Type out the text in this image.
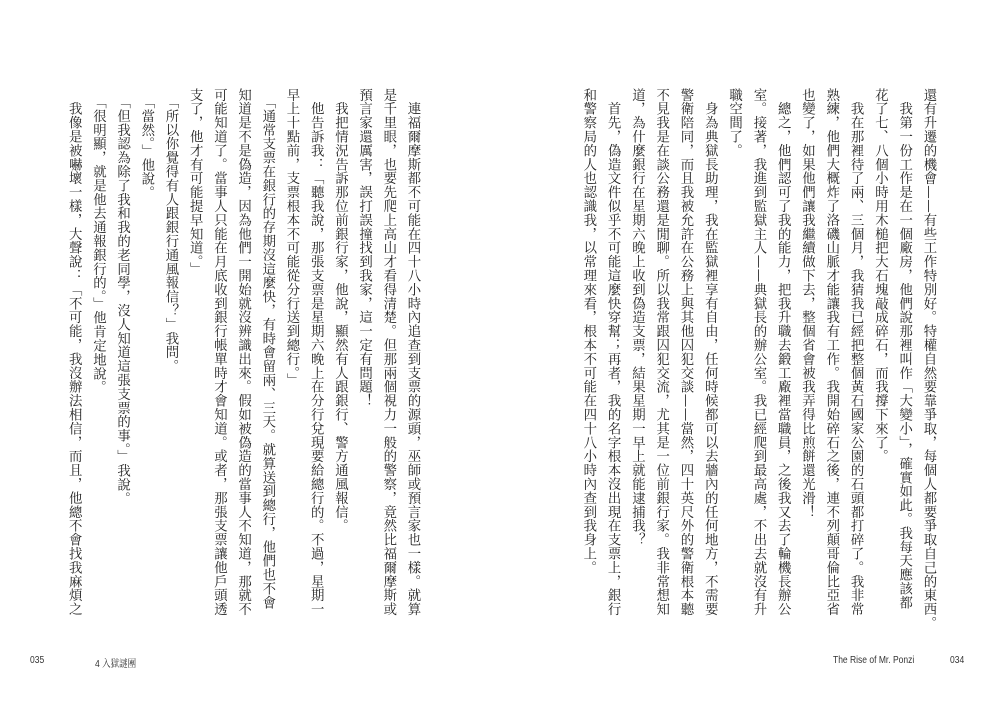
　連福爾摩斯都不可能在四十八小時內追查到支票的源頭，巫師或預言家也一樣。就算
是千里眼，也要先爬上高山才看得清楚。但那兩個視力一般的警察，竟然比福爾摩斯或
預言家還厲害，誤打誤撞找到我家，這一定有問題！
　我把情況告訴那位前銀行家，他說，顯然有人跟銀行、警方通風報信。
　他告訴我：「聽我說，那張支票是星期六晚上在分行兌現要給總行的。不過，星期一
早上十點前，支票根本不可能從分行送到總行。」
　「通常支票在銀行的存期沒這麼快，有時會留兩、三天。就算送到總行，他們也不會
知道是不是偽造，因為他們一開始就沒辨識出來。假如被偽造的當事人不知道，那就不
可能知道了。當事人只能在月底收到銀行帳單時才會知道。或者，那張支票讓他戶頭透
支了，他才有可能提早知道。」
　「所以你覺得有人跟銀行通風報信？」我問。
　「當然。」他說。
　「但我認為除了我和我的老同學，沒人知道這張支票的事。」我說。
　「很明顯，就是他去通報銀行的。」他肯定地說。
　我像是被嚇壞一樣，大聲說：「不可能，我沒辦法相信，而且，他總不會找我麻煩之
035	4 入獄謎團
還有升遷的機會——有些工作特別好。特權自然要靠爭取，每個人都要爭取自己的東西。
　我第一份工作是在一個廠房，他們說那裡叫作「大變小」，確實如此。我每天應該都
花了七、八個小時用木槌把大石塊敲成碎石，而我撐下來了。
　我在那裡待了兩、三個月，我猜我已經把整個黃石國家公園的石頭都打碎了。我非常
熟練，他們大概炸了洛磯山脈才能讓我有工作。我開始碎石之後，連不列顛哥倫比亞省
也變了，如果他們讓我繼續做下去，整個省會被我弄得比煎餅還光滑！
　總之，他們認可了我的能力，把我升職去鍛工廠裡當職員，之後我又去了輪機長辦公
室。接著，我進到監獄主人——典獄長的辦公室。我已經爬到最高處，不出去就沒有升
職空間了。
　身為典獄長助理，我在監獄裡享有自由，任何時候都可以去牆內的任何地方，不需要
警衛陪同，而且我被允許在公務上與其他囚犯交談——當然，四十英尺外的警衛根本聽
不見我是在談公務還是閒聊。所以我常跟囚犯交流，尤其是一位前銀行家。我非常想知
道，為什麼銀行在星期六晚上收到偽造支票，結果星期一早上就能逮捕我？
　首先，偽造文件似乎不可能這麼快穿幫；再者，我的名字根本沒出現在支票上，銀行
和警察局的人也認識我，以常理來看，根本不可能在四十八小時內查到我身上。
The Rise of Mr. Ponzi	034
